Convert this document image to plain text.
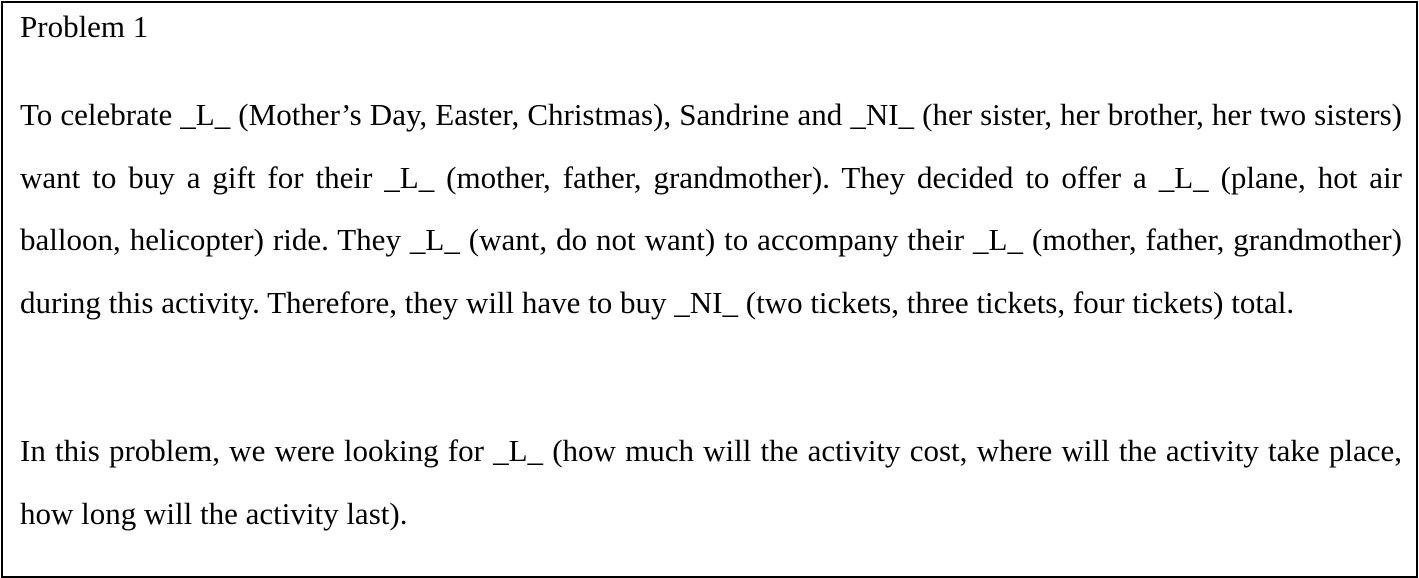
Problem 1

To celebrate _L_ (Mother’s Day, Easter, Christmas), Sandrine and _NI_ (her sister, her brother, her two sisters) want to buy a gift for their _L_ (mother, father, grandmother). They decided to offer a _L_ (plane, hot air balloon, helicopter) ride. They _L_ (want, do not want) to accompany their _L_ (mother, father, grandmother) during this activity. Therefore, they will have to buy _NI_ (two tickets, three tickets, four tickets) total.

In this problem, we were looking for _L_ (how much will the activity cost, where will the activity take place, how long will the activity last).
